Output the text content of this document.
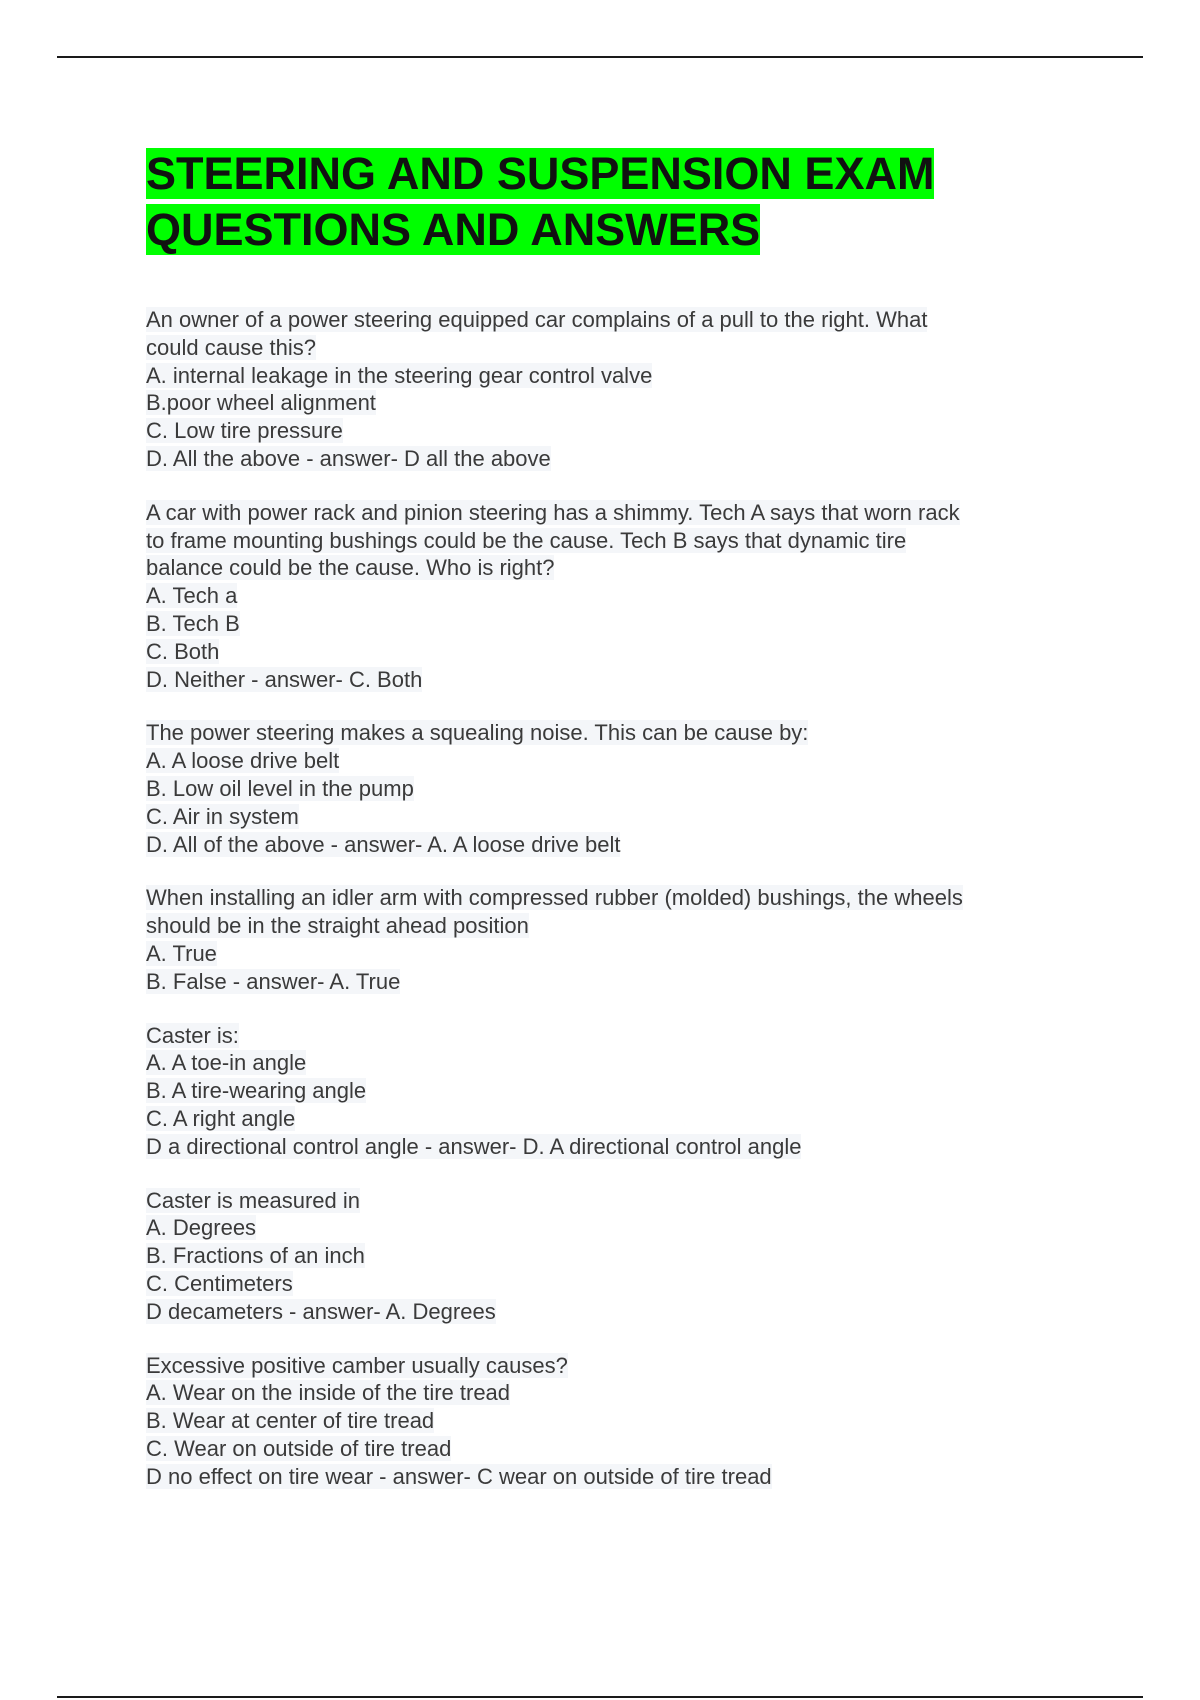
STEERING AND SUSPENSION EXAM
QUESTIONS AND ANSWERS
An owner of a power steering equipped car complains of a pull to the right. What
could cause this?
A. internal leakage in the steering gear control valve
B.poor wheel alignment
C. Low tire pressure
D. All the above - answer- D all the above
A car with power rack and pinion steering has a shimmy. Tech A says that worn rack
to frame mounting bushings could be the cause. Tech B says that dynamic tire
balance could be the cause. Who is right?
A. Tech a
B. Tech B
C. Both
D. Neither - answer- C. Both
The power steering makes a squealing noise. This can be cause by:
A. A loose drive belt
B. Low oil level in the pump
C. Air in system
D. All of the above - answer- A. A loose drive belt
When installing an idler arm with compressed rubber (molded) bushings, the wheels
should be in the straight ahead position
A. True
B. False - answer- A. True
Caster is:
A. A toe-in angle
B. A tire-wearing angle
C. A right angle
D a directional control angle - answer- D. A directional control angle
Caster is measured in
A. Degrees
B. Fractions of an inch
C. Centimeters
D decameters - answer- A. Degrees
Excessive positive camber usually causes?
A. Wear on the inside of the tire tread
B. Wear at center of tire tread
C. Wear on outside of tire tread
D no effect on tire wear - answer- C wear on outside of tire tread
